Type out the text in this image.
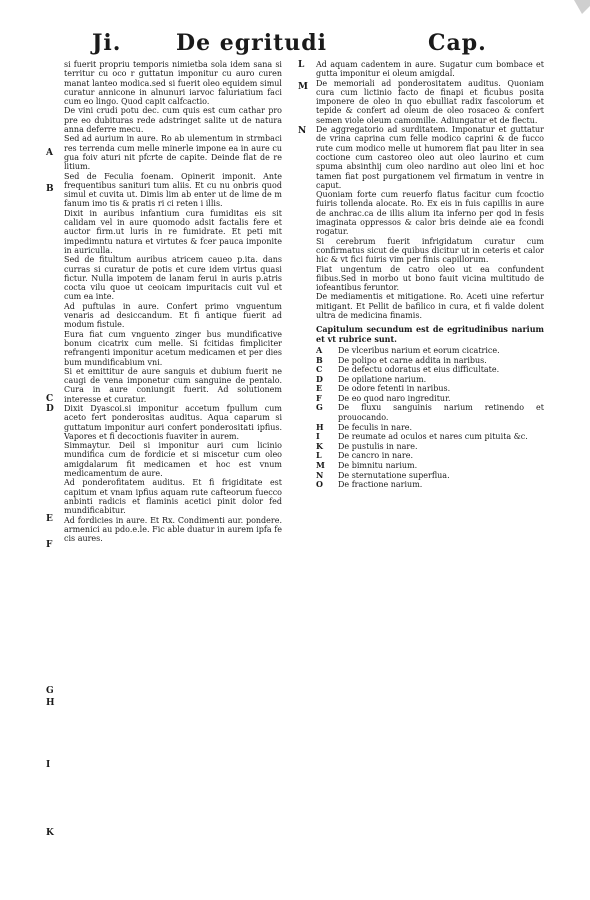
Ji. De egritudi	Cap.
A
B
C
D
E
F
G
H
I
K
L
M
N

si fuerit propriu temporis nimietba sola idem sana si territur cu oco r guttatun imponitur cu auro curen manat lanteo modica.sed si fuerit oleo equidem simul curatur annicone in alnunuri iarvoc faluriatium faci cum eo lingo. Quod capit calfcactio.

De vini crudi potu dec. cum quis est cum cathar pro pre eo dubituras rede adstringet salite ut de natura anna deferre mecu.

Sed ad aurium in aure. Ro ab ulementum in strmbaci res terrenda cum melle minerle impone ea in aure cu gua foiv aturi nit pfcrte de capite. Deinde flat de re litium.

Sed de Feculia foenam. Opinerit imponit. Ante frequentibus sanituri tum aliis. Et cu nu onbris quod simul et cuvita ut. Dimis lim ab enter ut de lime de m fanum imo tis & pratis ri ci reten i illis.

Dixit in auribus infantium cura fumiditas eis sit calidam vel in aure quomodo adsit factalis fere et auctor firm.ut luris in re fumidrate. Et peti mit impedimntu natura et virtutes & fcer pauca imponite in auriculla.

Sed de fitultum auribus atricem caueo p.ita. dans curras si curatur de potis et cure idem virtus quasi fictur. Nulla impotem de lanam ferui in auris p.atris cocta vilu quoe ut ceoicam impuritacis cuit vul et cum ea inte.

Ad puftulas in aure. Confert primo vnguentum venaris ad desiccandum. Et fi antique fuerit ad modum fistule.

Eura fiat cum vnguento zinger bus mundificative bonum cicatrix cum melle. Si fcitidas fimpliciter refrangenti imponitur acetum medicamen et per dies bum mundificabium vni.

Si et emittitur de aure sanguis et dubium fuerit ne caugi de vena imponetur cum sanguine de pentalo. Cura in aure coniungit fuerit. Ad solutionem interesse et curatur.

Dixit Dyascoi.si imponitur accetum fpullum cum aceto fert ponderositas auditus. Aqua caparum si guttatum imponitur auri confert ponderositati ipfius. Vapores et fi decoctionis fuaviter in aurem.

Simmaytur. Deil si imponitur auri cum licinio mundifica cum de fordicie et si miscetur cum oleo amigdalarum fit medicamen et hoc est vnum medicamentum de aure.

Ad ponderofitatem auditus. Et fi frigiditate est capitum et vnam ipfius aquam rute cafteorum fuecco anbinti radicis et flaminis acetici pinit dolor fed mundificabitur.

Ad fordicies in aure. Et Rx. Condimenti aur. pondere. armenici au pdo.e.le. Fic able duatur in aurem ipfa fe cis aures.

Ad aquam cadentem in aure. Sugatur cum bombace et gutta imponitur ei oleum amigdal.

De memoriali ad ponderositatem auditus. Quoniam cura cum lictinio facto de finapi et ficubus posita imponere de oleo in quo ebulliat radix fascolorum et tepide & confert ad oleum de oleo rosaceo & confert semen viole oleum camomille. Adiungatur et de flectu.

De aggregatorio ad surditatem. Imponatur et guttatur de vrina caprina cum felle modico caprini & de fucco rute cum modico melle ut humorem flat pau liter in sea coctione cum castoreo oleo aut oleo laurino et cum spuma absinthij cum oleo nardino aut oleo lini et hoc tamen fiat post purgationem vel firmatum in ventre in caput.

Quoniam forte cum reuerfo flatus facitur cum fcoctio fuiris tollenda alocate. Ro. Ex eis in fuis capillis in aure de anchrac.ca de illis alium ita inferno per qod in fesis imaginata oppressos & calor bris deinde aie ea fcondi rogatur.

Si cerebrum fuerit infrigidatum curatur cum confirmatus sicut de quibus dicitur ut in ceteris et calor hic & vt fici fuiris vim per finis capillorum.

Fiat ungentum de catro oleo ut ea confundent fiibus.Sed in morbo ut bono fauit vicina multitudo de iofeantibus feruntor.

De mediamentis et mitigatione. Ro. Aceti uine refertur mitigant. Et Pellit de bafilico in cura, et fi valde dolent ultra de medicina finamis.

Capitulum secundum est de egritudinibus narium et vt rubrice sunt.

A	De vlceribus narium et eorum cicatrice.
B	De polipo et carne addita in naribus.
C	De defectu odoratus et eius difficultate.
D	De opilatione narium.
E	De odore fetenti in naribus.
F	De eo quod naro ingreditur.
G	De fluxu sanguinis narium retinendo et prouocando.
H	De feculis in nare.
I	De reumate ad oculos et nares cum pituita &c.
K	De pustulis in nare.
L	De cancro in nare.
M	De bimnitu narium.
N	De sternutatione superflua.
O	De fractione narium.
